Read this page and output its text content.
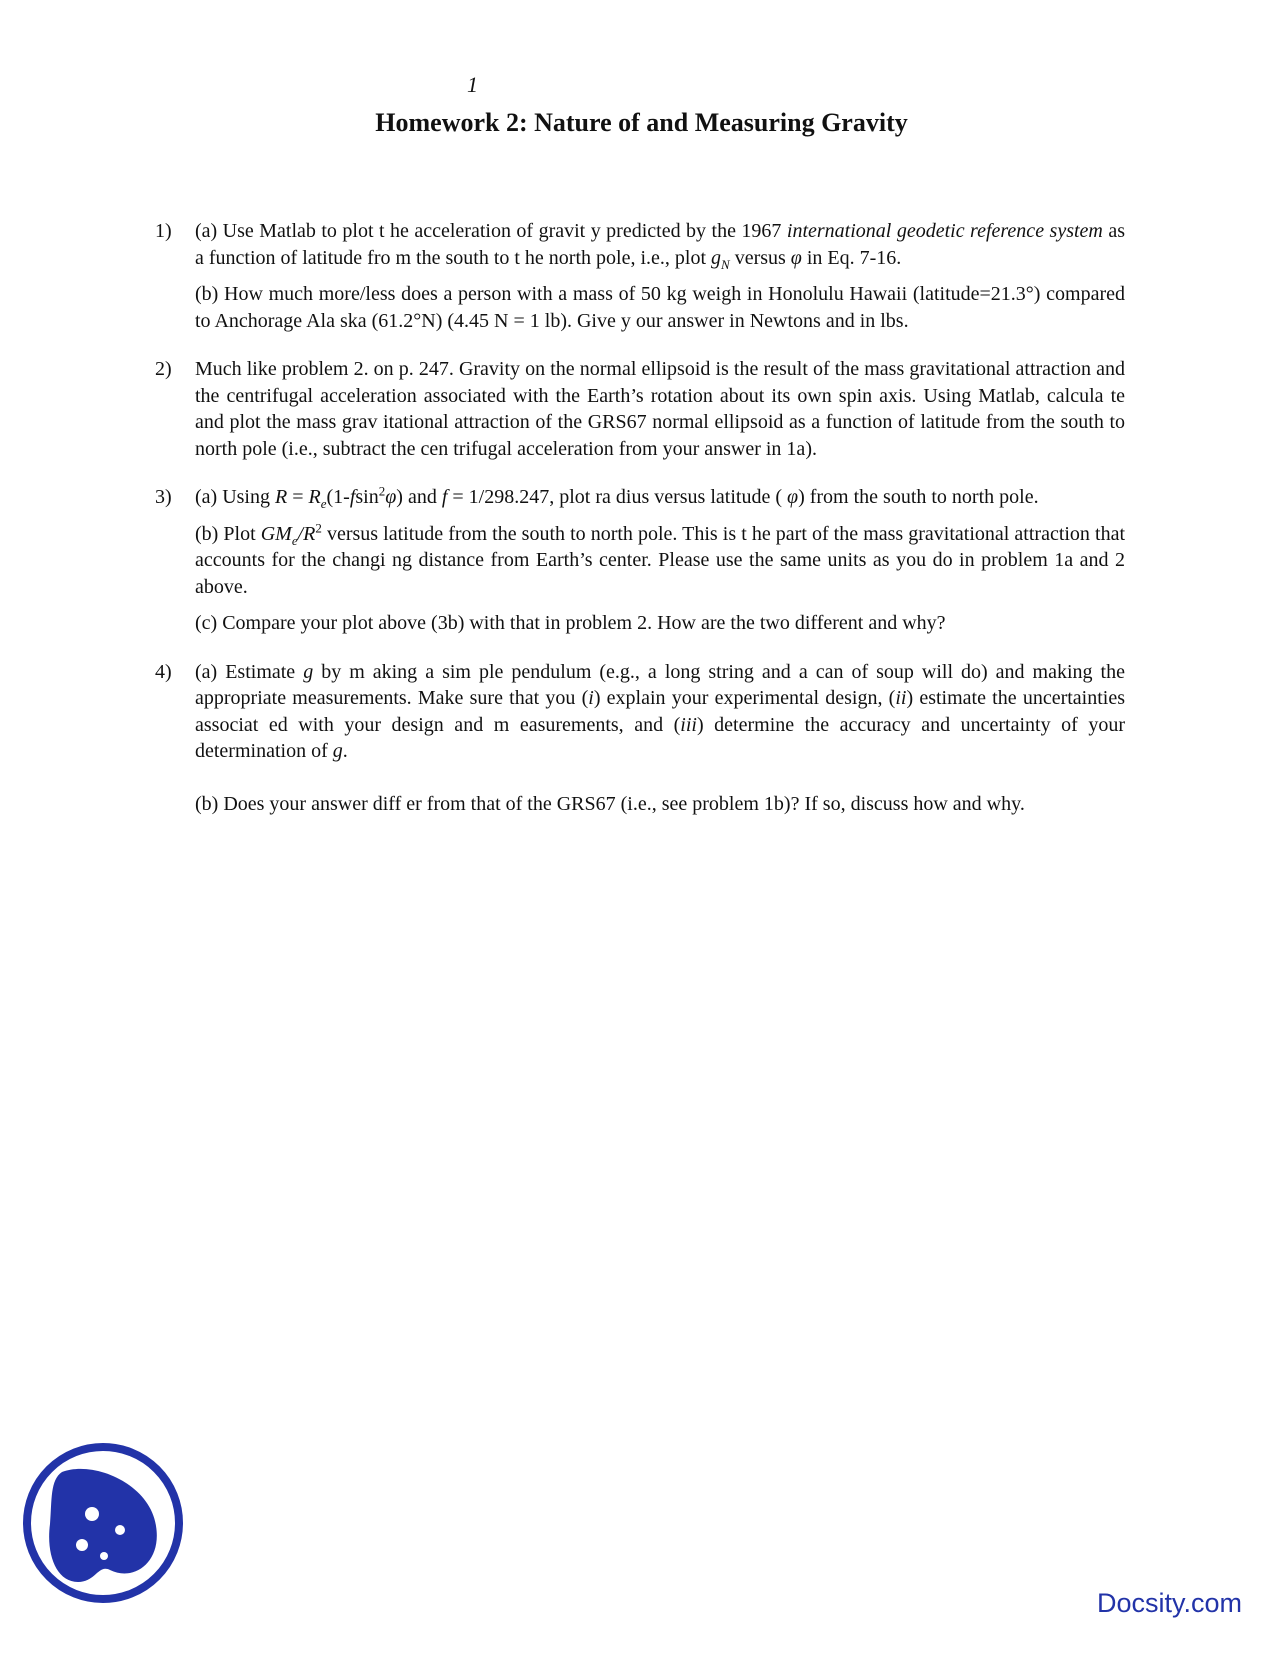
1
Homework 2: Nature of and Measuring Gravity
1)	(a) Use Matlab to plot t he acceleration of gravit y predicted by the 1967 international geodetic reference system as a function of latitude fro m the south to t he north pole, i.e., plot $g_N$ versus φ in Eq. 7-16.

(b) How much more/less does a person with a mass of 50 kg weigh in Honolulu Hawaii (latitude=21.3°) compared to Anchorage Ala ska (61.2°N) (4.45 N = 1 lb). Give y our answer in Newtons and in lbs.

2)	Much like problem 2. on p. 247. Gravity on the normal ellipsoid is the result of the mass gravitational attraction and the centrifugal acceleration associated with the Earth’s rotation about its own spin axis. Using Matlab, calcula te and plot the mass grav itational attraction of the GRS67 normal ellipsoid as a function of latitude from the south to north pole (i.e., subtract the cen trifugal acceleration from your answer in 1a).

3)	(a) Using $R = R_e(1-fsin^2\varphi)$ and f = 1/298.247, plot ra dius versus latitude ( φ) from the south to north pole.

(b) Plot $GM_e/R^2$ versus latitude from the south to north pole. This is t he part of the mass gravitational attraction that accounts for the changi ng distance from Earth’s center. Please use the same units as you do in problem 1a and 2 above.

(c) Compare your plot above (3b) with that in problem 2. How are the two different and why?

4)	(a) Estimate g by m aking a sim ple pendulum (e.g., a long string and a can of soup will do) and making the appropriate measurements. Make sure that you (i) explain your experimental design, (ii) estimate the uncertainties associat ed with your design and m easurements, and (iii) determine the accuracy and uncertainty of your determination of g.

(b) Does your answer diff er from that of the GRS67 (i.e., see problem 1b)? If so, discuss how and why.

Docsity.com
